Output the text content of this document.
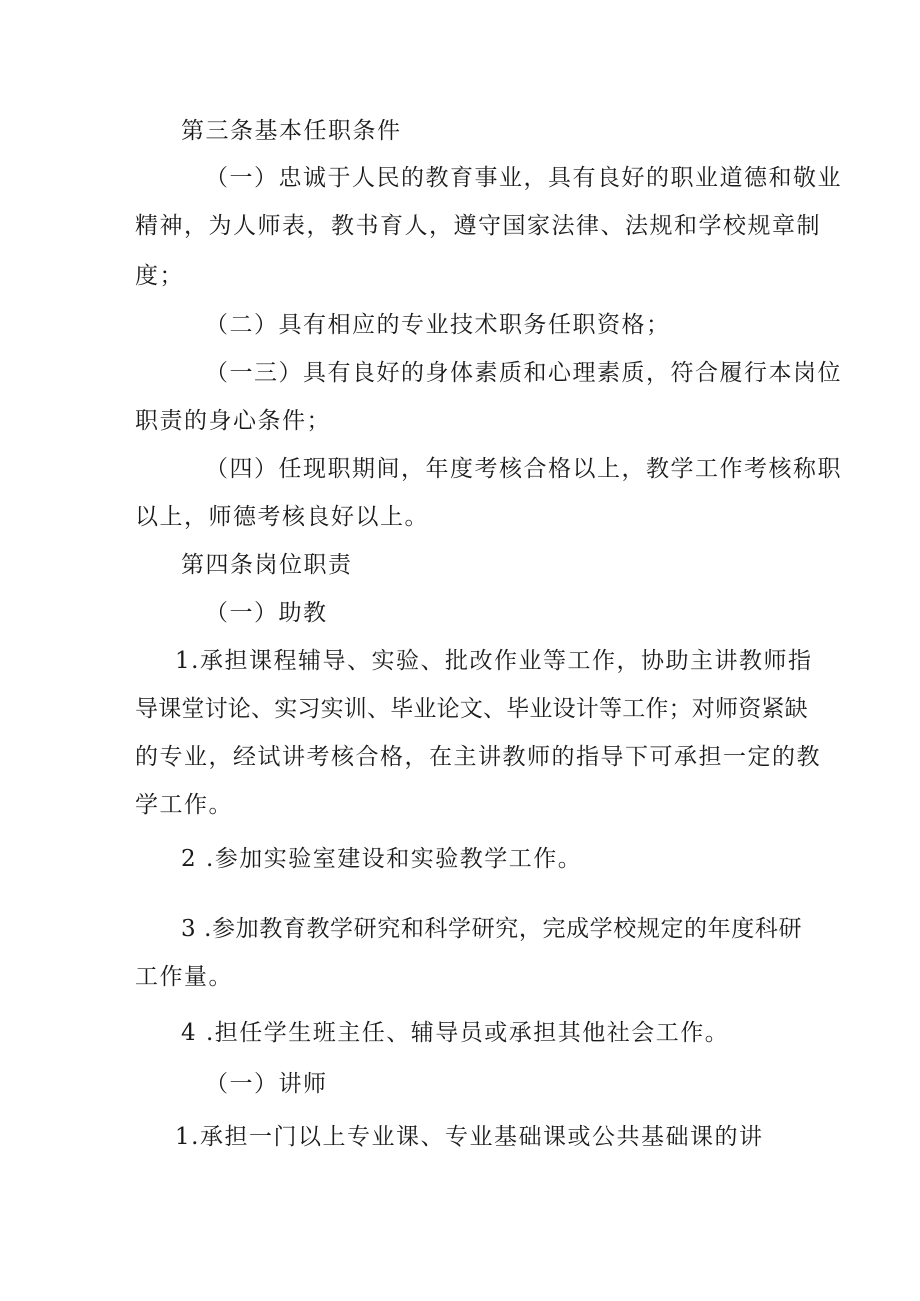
第三条基本任职条件

（一）忠诚于人民的教育事业，具有良好的职业道德和敬业

精神，为人师表，教书育人，遵守国家法律、法规和学校规章制
度；

（二）具有相应的专业技术职务任职资格；

（一三）具有良好的身体素质和心理素质，符合履行本岗位

职责的身心条件；

（四）任现职期间，年度考核合格以上，教学工作考核称职

以上，师德考核良好以上。

第四条岗位职责

（一）助教

1.承担课程辅导、实验、批改作业等工作，协助主讲教师指

导课堂讨论、实习实训、毕业论文、毕业设计等工作；对师资紧缺

的专业，经试讲考核合格，在主讲教师的指导下可承担一定的教
学工作。

2 .参加实验室建设和实验教学工作。

3 .参加教育教学研究和科学研究，完成学校规定的年度科研

工作量。

4 .担任学生班主任、辅导员或承担其他社会工作。

（一）讲师

1.承担一门以上专业课、专业基础课或公共基础课的讲
